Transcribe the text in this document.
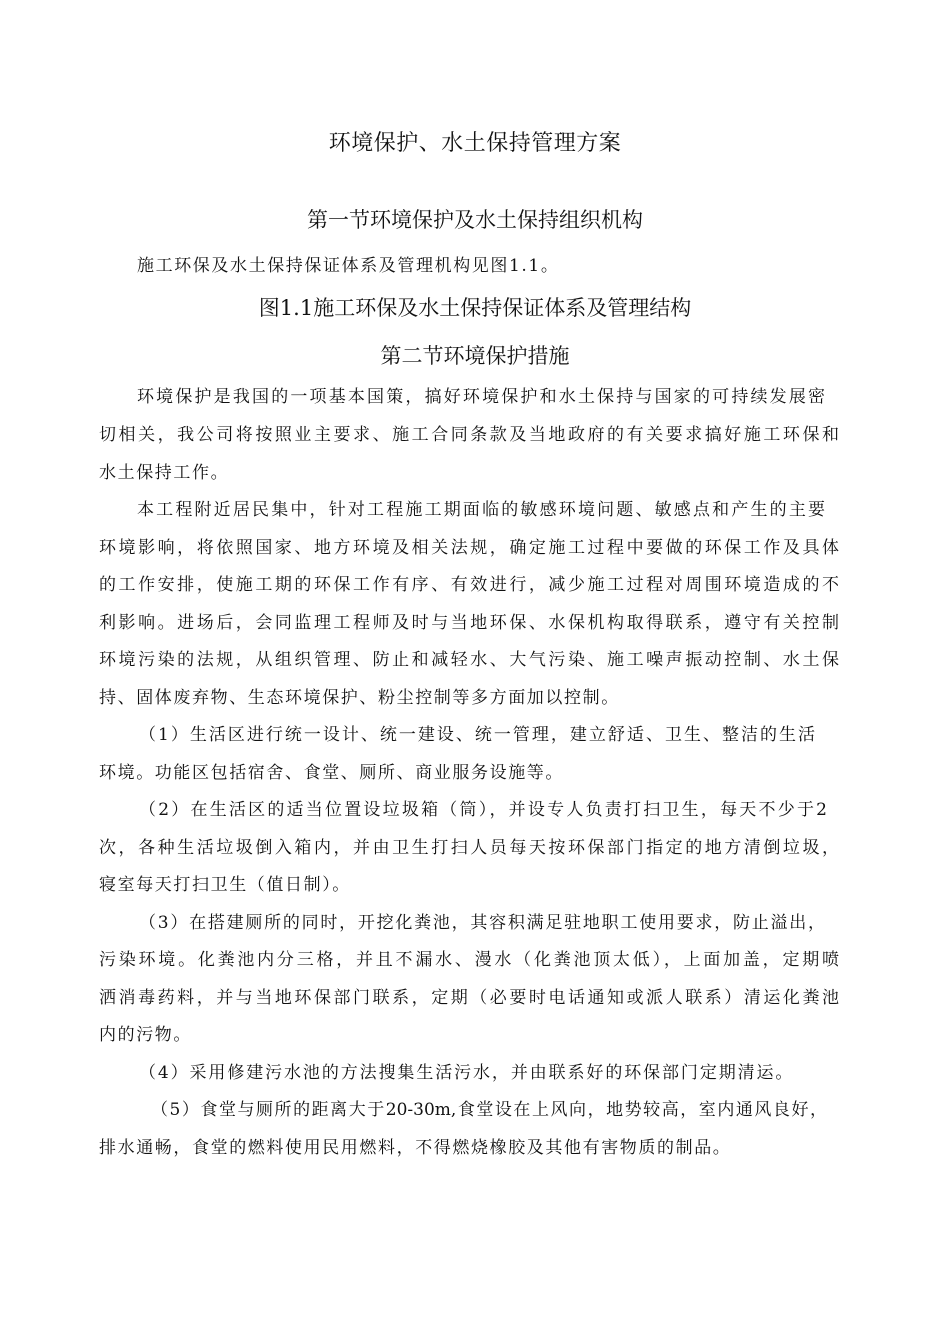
环境保护、水土保持管理方案
第一节环境保护及水土保持组织机构
施工环保及水土保持保证体系及管理机构见图1.1。
图1.1施工环保及水土保持保证体系及管理结构
第二节环境保护措施
环境保护是我国的一项基本国策，搞好环境保护和水土保持与国家的可持续发展密
切相关，我公司将按照业主要求、施工合同条款及当地政府的有关要求搞好施工环保和
水土保持工作。
本工程附近居民集中，针对工程施工期面临的敏感环境问题、敏感点和产生的主要
环境影响，将依照国家、地方环境及相关法规，确定施工过程中要做的环保工作及具体
的工作安排，使施工期的环保工作有序、有效进行，减少施工过程对周围环境造成的不
利影响。进场后，会同监理工程师及时与当地环保、水保机构取得联系，遵守有关控制
环境污染的法规，从组织管理、防止和减轻水、大气污染、施工噪声振动控制、水土保
持、固体废弃物、生态环境保护、粉尘控制等多方面加以控制。
（1）生活区进行统一设计、统一建设、统一管理，建立舒适、卫生、整洁的生活
环境。功能区包括宿舍、食堂、厕所、商业服务设施等。
（2）在生活区的适当位置设垃圾箱（筒），并设专人负责打扫卫生，每天不少于2
次，各种生活垃圾倒入箱内，并由卫生打扫人员每天按环保部门指定的地方清倒垃圾，
寝室每天打扫卫生（值日制）。
（3）在搭建厕所的同时，开挖化粪池，其容积满足驻地职工使用要求，防止溢出，
污染环境。化粪池内分三格，并且不漏水、漫水（化粪池顶太低），上面加盖，定期喷
洒消毒药料，并与当地环保部门联系，定期（必要时电话通知或派人联系）清运化粪池
内的污物。
（4）采用修建污水池的方法搜集生活污水，并由联系好的环保部门定期清运。
（5）食堂与厕所的距离大于20-30m,食堂设在上风向，地势较高，室内通风良好，
排水通畅，食堂的燃料使用民用燃料，不得燃烧橡胶及其他有害物质的制品。
